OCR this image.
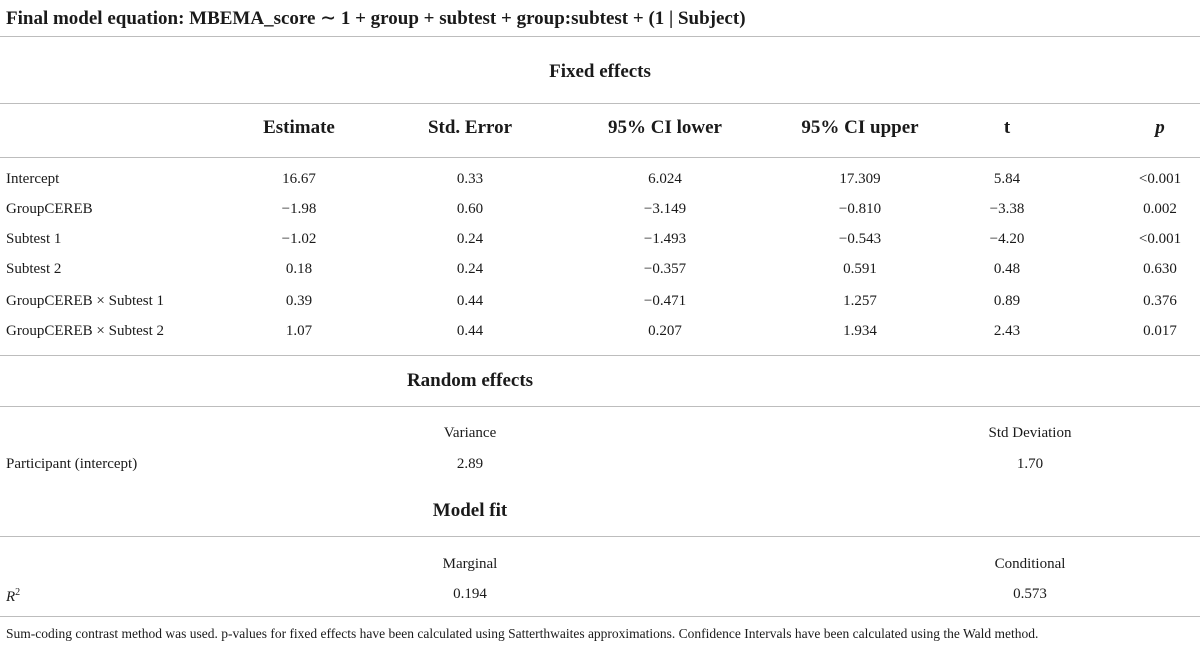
Final model equation: MBEMA_score ∼ 1 + group + subtest + group:subtest + (1 | Subject)
Fixed effects
Estimate	Std. Error	95% CI lower	95% CI upper	t	p
Intercept	16.67	0.33	6.024	17.309	5.84	<0.001
GroupCEREB	−1.98	0.60	−3.149	−0.810	−3.38	0.002
Subtest 1	−1.02	0.24	−1.493	−0.543	−4.20	<0.001
Subtest 2	0.18	0.24	−0.357	0.591	0.48	0.630
GroupCEREB × Subtest 1	0.39	0.44	−0.471	1.257	0.89	0.376
GroupCEREB × Subtest 2	1.07	0.44	0.207	1.934	2.43	0.017
Random effects
Variance	Std Deviation
Participant (intercept)	2.89	1.70
Model fit
Marginal	Conditional
$R^2$	0.194	0.573
Sum-coding contrast method was used. p-values for fixed effects have been calculated using Satterthwaites approximations. Confidence Intervals have been calculated using the Wald method.
